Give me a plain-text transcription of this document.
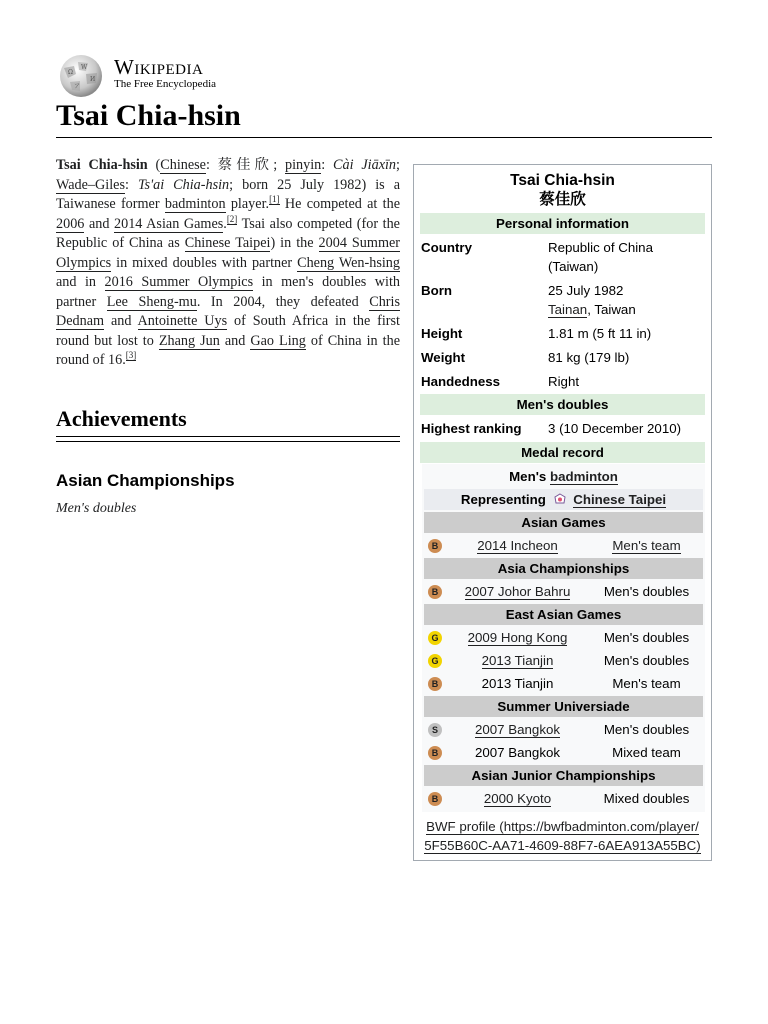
Ω
W
И
ア
Wikipedia
The Free Encyclopedia
Tsai Chia-hsin

Tsai Chia-hsin (Chinese: 蔡佳欣; pinyin: Cài Jiāxīn; Wade–Giles: Ts'ai Chia-hsin; born 25 July 1982) is a Taiwanese former badminton player.[1] He competed at the 2006 and 2014 Asian Games.[2] Tsai also competed (for the Republic of China as Chinese Taipei) in the 2004 Summer Olympics in mixed doubles with partner Cheng Wen-hsing and in 2016 Summer Olympics in men's doubles with partner Lee Sheng-mu. In 2004, they defeated Chris Dednam and Antoinette Uys of South Africa in the first round but lost to Zhang Jun and Gao Ling of China in the round of 16.[3]

Achievements
Asian Championships

Men's doubles

Tsai Chia-hsin
蔡佳欣
Personal information
Country	Republic of China (Taiwan)
Born	25 July 1982
Tainan, Taiwan
Height	1.81 m (5 ft 11 in)
Weight	81 kg (179 lb)
Handedness	Right
Men's doubles
Highest ranking 3 (10 December 2010)
Medal record
Men's badminton
Representing Chinese Taipei
Asian Games
B	2014 Incheon	Men's team
Asia Championships
B	2007 Johor Bahru	Men's doubles
East Asian Games
G	2009 Hong Kong	Men's doubles
G	2013 Tianjin	Men's doubles
B	2013 Tianjin	Men's team
Summer Universiade
S	2007 Bangkok	Men's doubles
B	2007 Bangkok	Mixed team
Asian Junior Championships
B	2000 Kyoto	Mixed doubles
BWF profile (https://bwfbadminton.com/player/
5F55B60C-AA71-4609-88F7-6AEA913A55BC)
